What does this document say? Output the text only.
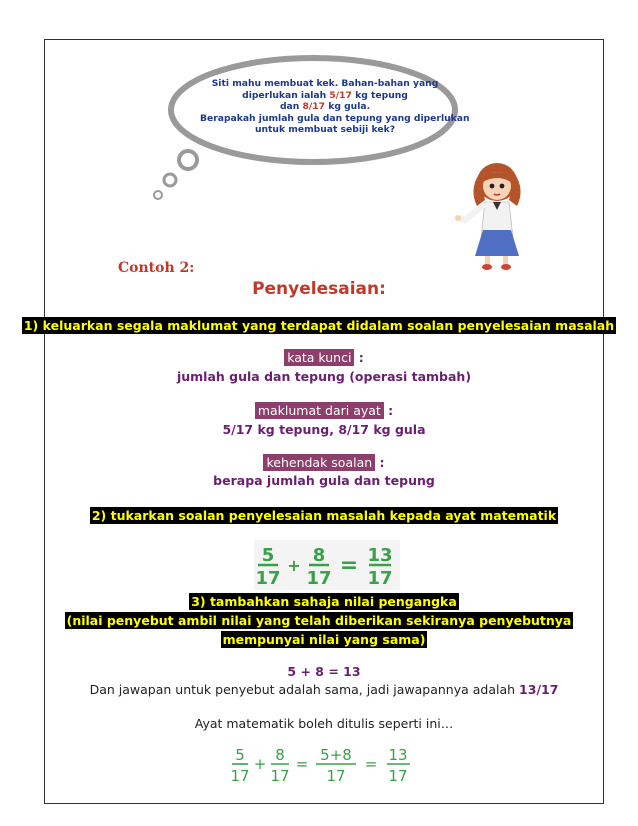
Siti mahu membuat kek. Bahan-bahan yang
diperlukan ialah 5/17 kg tepung
dan 8/17 kg gula.
Berapakah jumlah gula dan tepung yang diperlukan
untuk membuat sebiji kek?
Contoh 2:
Penyelesaian:
1) keluarkan segala maklumat yang terdapat didalam soalan penyelesaian masalah
kata kunci :
jumlah gula dan tepung (operasi tambah)
maklumat dari ayat :
5/17 kg tepung, 8/17 kg gula
kehendak soalan :
berapa jumlah gula dan tepung
2) tukarkan soalan penyelesaian masalah kepada ayat matematik
5
17
+ 8
17
= 13
17
3) tambahkan sahaja nilai pengangka
(nilai penyebut ambil nilai yang telah diberikan sekiranya penyebutnya
mempunyai nilai yang sama)
5 + 8 = 13
Dan jawapan untuk penyebut adalah sama, jadi jawapannya adalah 13/17
Ayat matematik boleh ditulis seperti ini…
5
17
+ 8
17
= 5+8
17
= 13
17
